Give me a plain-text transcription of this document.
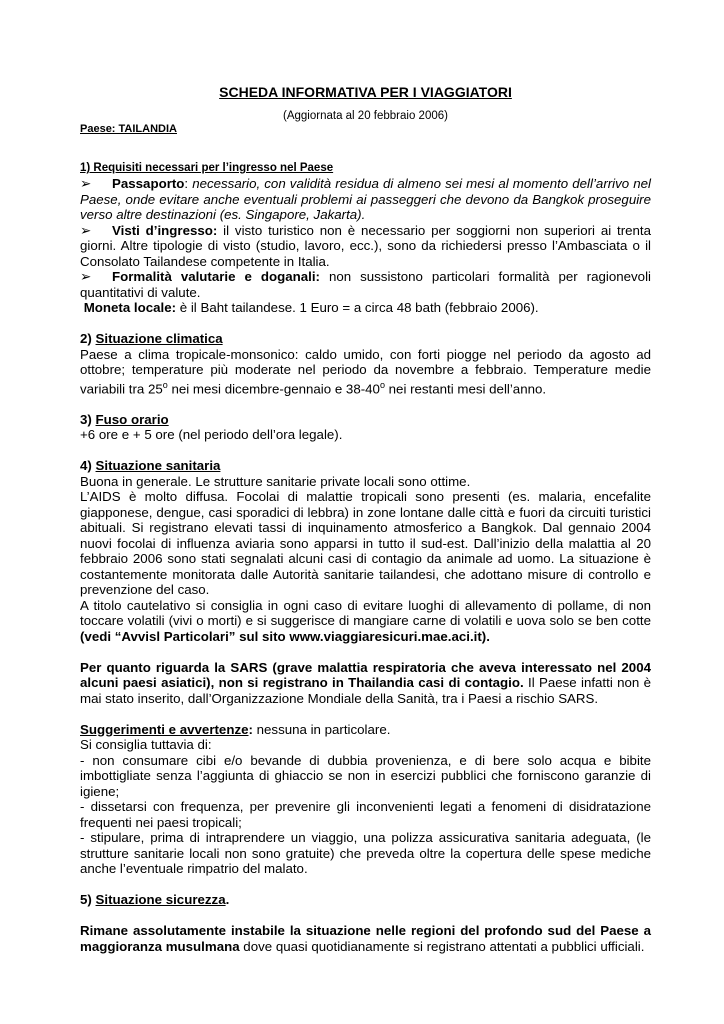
SCHEDA INFORMATIVA PER I VIAGGIATORI
(Aggiornata al 20 febbraio 2006)
Paese: TAILANDIA
1) Requisiti necessari per l’ingresso nel Paese

➢ Passaporto: necessario, con validità residua di almeno sei mesi al momento dell’arrivo nel Paese, onde evitare anche eventuali problemi ai passeggeri che devono da Bangkok proseguire verso altre destinazioni (es. Singapore, Jakarta).

➢ Visti d’ingresso: il visto turistico non è necessario per soggiorni non superiori ai trenta giorni. Altre tipologie di visto (studio, lavoro, ecc.), sono da richiedersi presso l’Ambasciata o il Consolato Tailandese competente in Italia.

➢ Formalità valutarie e doganali: non sussistono particolari formalità per ragionevoli quantitativi di valute.

Moneta locale: è il Baht tailandese. 1 Euro = a circa 48 bath (febbraio 2006).

2) Situazione climatica

Paese a clima tropicale-monsonico: caldo umido, con forti piogge nel periodo da agosto ad ottobre; temperature più moderate nel periodo da novembre a febbraio. Temperature medie variabili tra 25$^o$ nei mesi dicembre-gennaio e 38-40$^o$ nei restanti mesi dell’anno.

3) Fuso orario

+6 ore e + 5 ore (nel periodo dell’ora legale).

4) Situazione sanitaria

Buona in generale. Le strutture sanitarie private locali sono ottime.

L’AIDS è molto diffusa. Focolai di malattie tropicali sono presenti (es. malaria, encefalite giapponese, dengue, casi sporadici di lebbra) in zone lontane dalle città e fuori da circuiti turistici abituali. Si registrano elevati tassi di inquinamento atmosferico a Bangkok. Dal gennaio 2004 nuovi focolai di influenza aviaria sono apparsi in tutto il sud-est. Dall’inizio della malattia al 20 febbraio 2006 sono stati segnalati alcuni casi di contagio da animale ad uomo. La situazione è costantemente monitorata dalle Autorità sanitarie tailandesi, che adottano misure di controllo e prevenzione del caso.

A titolo cautelativo si consiglia in ogni caso di evitare luoghi di allevamento di pollame, di non toccare volatili (vivi o morti) e si suggerisce di mangiare carne di volatili e uova solo se ben cotte (vedi “Avvisl Particolari” sul sito www.viaggiaresicuri.mae.aci.it).

Per quanto riguarda la SARS (grave malattia respiratoria che aveva interessato nel 2004 alcuni paesi asiatici), non si registrano in Thailandia casi di contagio. Il Paese infatti non è mai stato inserito, dall’Organizzazione Mondiale della Sanità, tra i Paesi a rischio SARS.

Suggerimenti e avvertenze: nessuna in particolare.

Si consiglia tuttavia di:

- non consumare cibi e/o bevande di dubbia provenienza, e di bere solo acqua e bibite imbottigliate senza l’aggiunta di ghiaccio se non in esercizi pubblici che forniscono garanzie di igiene;

- dissetarsi con frequenza, per prevenire gli inconvenienti legati a fenomeni di disidratazione frequenti nei paesi tropicali;

- stipulare, prima di intraprendere un viaggio, una polizza assicurativa sanitaria adeguata, (le strutture sanitarie locali non sono gratuite) che preveda oltre la copertura delle spese mediche anche l’eventuale rimpatrio del malato.

5) Situazione sicurezza.

Rimane assolutamente instabile la situazione nelle regioni del profondo sud del Paese a maggioranza musulmana dove quasi quotidianamente si registrano attentati a pubblici ufficiali.
